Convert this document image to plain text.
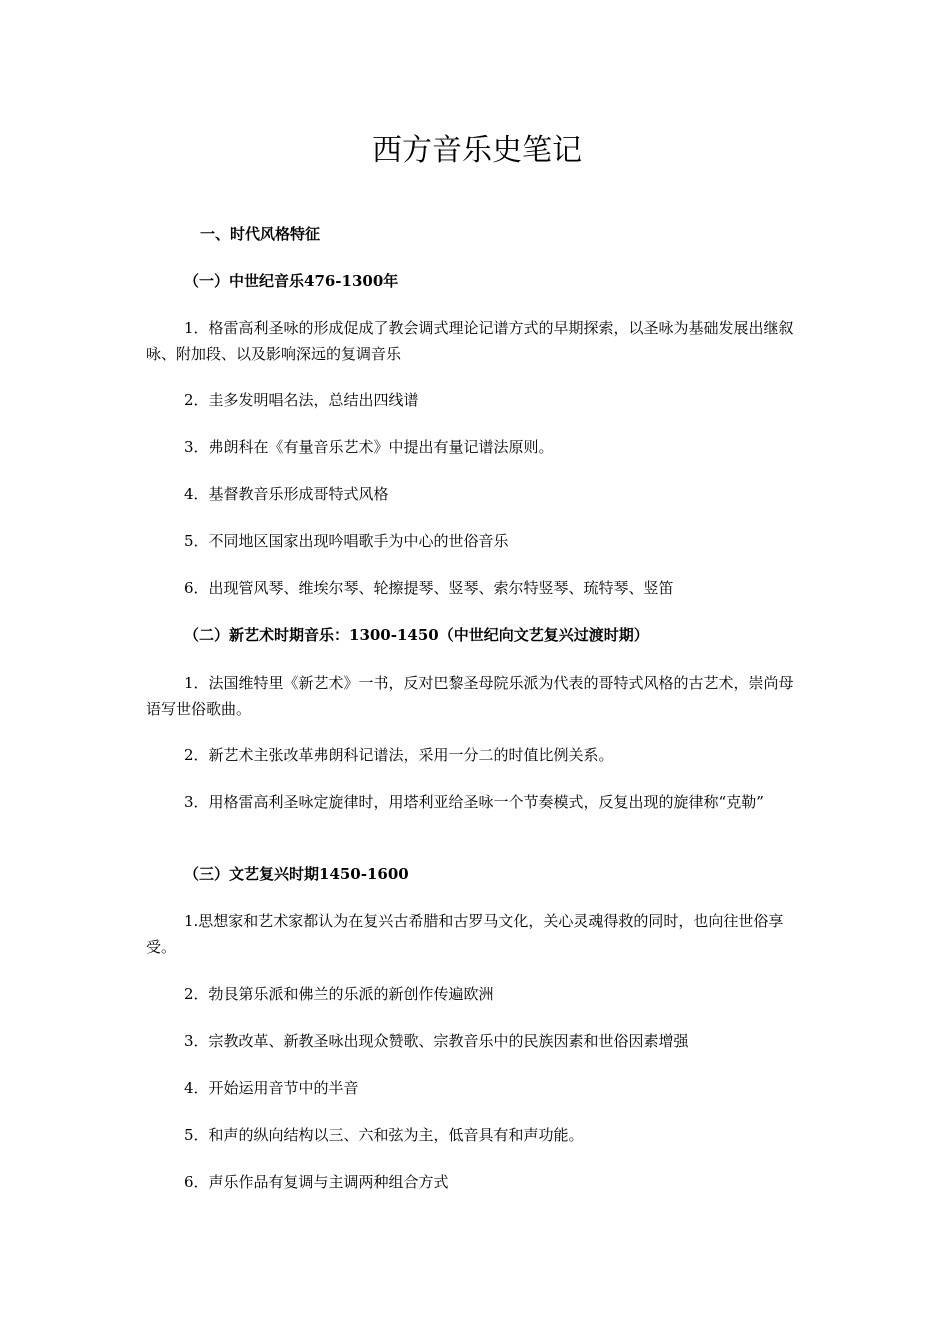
西方音乐史笔记

一、时代风格特征

（一）中世纪音乐476-1300年

1．格雷高利圣咏的形成促成了教会调式理论记谱方式的早期探索，以圣咏为基础发展出继叙咏、附加段、以及影响深远的复调音乐

2．圭多发明唱名法，总结出四线谱

3．弗朗科在《有量音乐艺术》中提出有量记谱法原则。

4．基督教音乐形成哥特式风格

5．不同地区国家出现吟唱歌手为中心的世俗音乐

6．出现管风琴、维埃尔琴、轮擦提琴、竖琴、索尔特竖琴、琉特琴、竖笛

（二）新艺术时期音乐：1300-1450（中世纪向文艺复兴过渡时期）

1．法国维特里《新艺术》一书，反对巴黎圣母院乐派为代表的哥特式风格的古艺术，崇尚母语写世俗歌曲。

2．新艺术主张改革弗朗科记谱法，采用一分二的时值比例关系。

3．用格雷高利圣咏定旋律时，用塔利亚给圣咏一个节奏模式，反复出现的旋律称“克勒”

（三）文艺复兴时期1450-1600

1.思想家和艺术家都认为在复兴古希腊和古罗马文化，关心灵魂得救的同时，也向往世俗享受。

2．勃艮第乐派和佛兰的乐派的新创作传遍欧洲

3．宗教改革、新教圣咏出现众赞歌、宗教音乐中的民族因素和世俗因素增强

4．开始运用音节中的半音

5．和声的纵向结构以三、六和弦为主，低音具有和声功能。

6．声乐作品有复调与主调两种组合方式
